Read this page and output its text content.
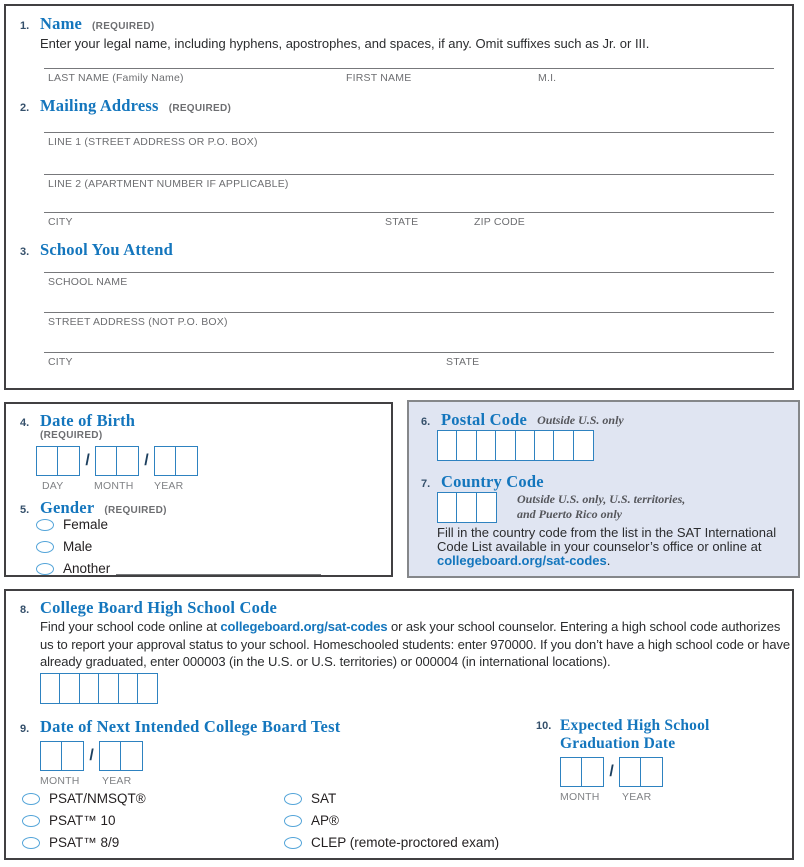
1. Name (REQUIRED)
Enter your legal name, including hyphens, apostrophes, and spaces, if any. Omit suffixes such as Jr. or III.
LAST NAME (Family Name)	FIRST NAME	M.I.
2. Mailing Address (REQUIRED)
LINE 1 (STREET ADDRESS OR P.O. BOX)
LINE 2 (APARTMENT NUMBER IF APPLICABLE)
CITY	STATE	ZIP CODE
3. School You Attend
SCHOOL NAME
STREET ADDRESS (NOT P.O. BOX)
CITY	STATE
4. Date of Birth
(REQUIRED)
/	/
DAY	MONTH YEAR
5. Gender (REQUIRED)
Female
Male
Another
6. Postal Code Outside U.S. only
7. Country Code
Outside U.S. only, U.S. territories,
and Puerto Rico only
Fill in the country code from the list in the SAT International Code List available in your counselor’s office or online at collegeboard.org/sat-codes.
8. College Board High School Code
Find your school code online at collegeboard.org/sat-codes or ask your school counselor. Entering a high school code authorizes us to report your approval status to your school. Homeschooled students: enter 970000. If you don’t have a high school code or have already graduated, enter 000003 (in the U.S. or U.S. territories) or 000004 (in international locations).
9. Date of Next Intended College Board Test
/
MONTH YEAR
PSAT/NMSQT®
PSAT™ 10
PSAT™ 8/9
SAT
AP®
CLEP (remote-proctored exam)
10. Expected High School
Graduation Date
/
MONTH YEAR
